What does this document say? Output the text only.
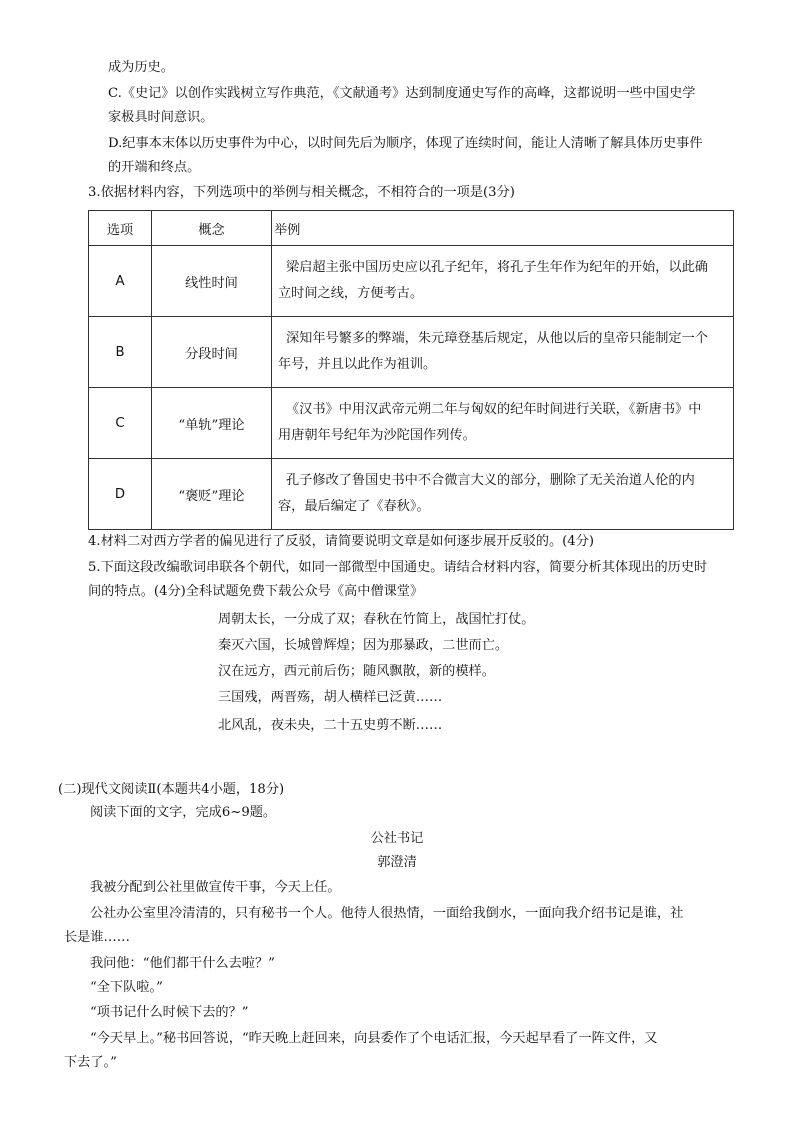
成为历史。
C.《史记》以创作实践树立写作典范，《文献通考》达到制度通史写作的高峰，这都说明一些中国史学
家极具时间意识。
D.纪事本末体以历史事件为中心，以时间先后为顺序，体现了连续时间，能让人清晰了解具体历史事件
的开端和终点。
3.依据材料内容，下列选项中的举例与相关概念，不相符合的一项是(3分)
选项	概念	举例
A	线性时间	梁启超主张中国历史应以孔子纪年，将孔子生年作为纪年的开始，以此确
立时间之线，方便考古。

B	分段时间	深知年号繁多的弊端，朱元璋登基后规定，从他以后的皇帝只能制定一个
年号，并且以此作为祖训。

C	“单轨”理论	《汉书》中用汉武帝元朔二年与匈奴的纪年时间进行关联，《新唐书》中
用唐朝年号纪年为沙陀国作列传。

D	“褒贬”理论	孔子修改了鲁国史书中不合微言大义的部分，删除了无关治道人伦的内
容，最后编定了《春秋》。
4.材料二对西方学者的偏见进行了反驳，请简要说明文章是如何逐步展开反驳的。(4分)
5.下面这段改编歌词串联各个朝代，如同一部微型中国通史。请结合材料内容，简要分析其体现出的历史时
间的特点。(4分)全科试题免费下载公众号《高中僧课堂》
周朝太长，一分成了双；春秋在竹简上，战国忙打仗。
秦灭六国，长城曾辉煌；因为那暴政，二世而亡。
汉在远方，西元前后伤；随风飘散，新的模样。
三国残，两晋殇，胡人横样已泛黄……
北风乱，夜未央，二十五史剪不断……
(二)现代文阅读Ⅱ(本题共4小题，18分)
阅读下面的文字，完成6~9题。
公社书记
郭澄清
我被分配到公社里做宣传干事，今天上任。
公社办公室里冷清清的，只有秘书一个人。他待人很热情，一面给我倒水，一面向我介绍书记是谁，社
长是谁……
我问他：“他们都干什么去啦？”
“全下队啦。”
“项书记什么时候下去的？”
“今天早上。”秘书回答说，“昨天晚上赶回来，向县委作了个电话汇报，今天起早看了一阵文件，又
下去了。”
